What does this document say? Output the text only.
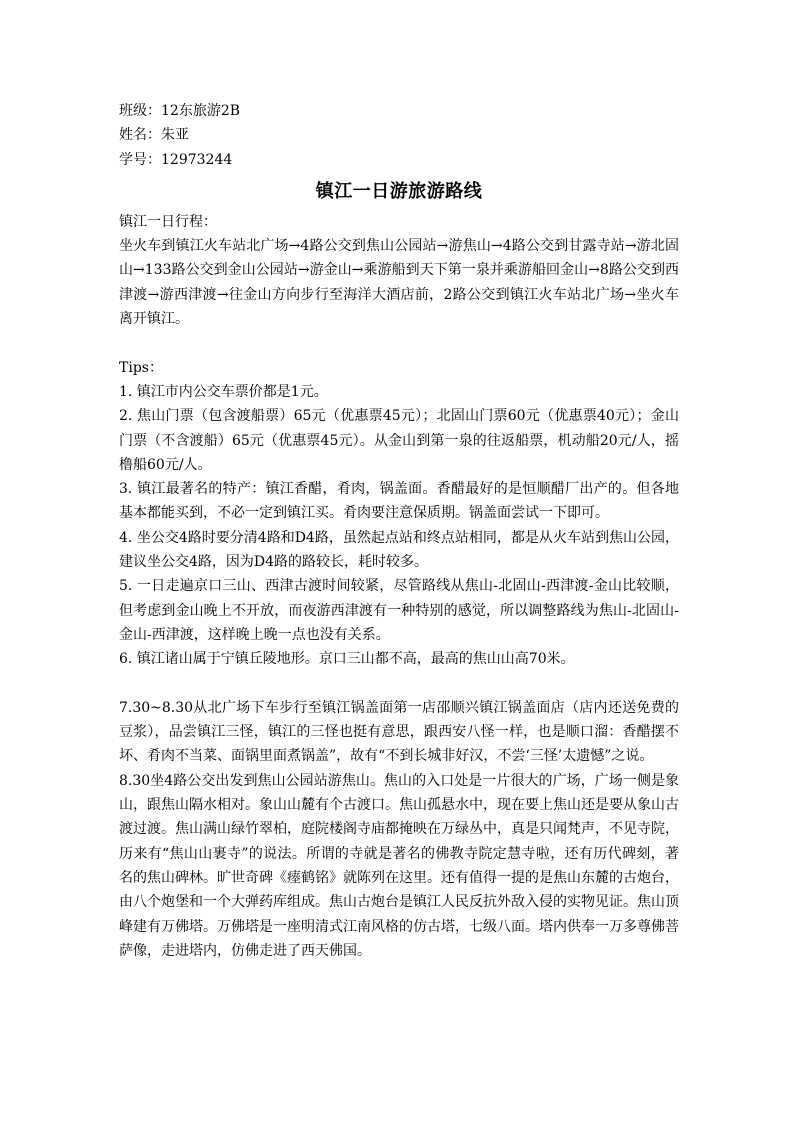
班级：12东旅游2B
姓名：朱亚
学号：12973244
镇江一日游旅游路线
镇江一日行程：
坐火车到镇江火车站北广场→4路公交到焦山公园站→游焦山→4路公交到甘露寺站→游北固山→133路公交到金山公园站→游金山→乘游船到天下第一泉并乘游船回金山→8路公交到西津渡→游西津渡→往金山方向步行至海洋大酒店前，2路公交到镇江火车站北广场→坐火车离开镇江。
Tips：
1. 镇江市内公交车票价都是1元。
2. 焦山门票（包含渡船票）65元（优惠票45元）；北固山门票60元（优惠票40元）；金山门票（不含渡船）65元（优惠票45元）。从金山到第一泉的往返船票，机动船20元/人，摇橹船60元/人。
3. 镇江最著名的特产：镇江香醋，肴肉，锅盖面。香醋最好的是恒顺醋厂出产的。但各地基本都能买到，不必一定到镇江买。肴肉要注意保质期。锅盖面尝试一下即可。
4. 坐公交4路时要分清4路和D4路，虽然起点站和终点站相同，都是从火车站到焦山公园，建议坐公交4路，因为D4路的路较长，耗时较多。
5. 一日走遍京口三山、西津古渡时间较紧，尽管路线从焦山-北固山-西津渡-金山比较顺，但考虑到金山晚上不开放，而夜游西津渡有一种特别的感觉，所以调整路线为焦山-北固山-金山-西津渡，这样晚上晚一点也没有关系。
6. 镇江诸山属于宁镇丘陵地形。京口三山都不高，最高的焦山山高70米。
7.30~8.30从北广场下车步行至镇江锅盖面第一店邵顺兴镇江锅盖面店（店内还送免费的豆浆），品尝镇江三怪，镇江的三怪也挺有意思，跟西安八怪一样，也是顺口溜：香醋摆不坏、肴肉不当菜、面锅里面煮锅盖”，故有“不到长城非好汉，不尝‘三怪’太遗憾”之说。
8.30坐4路公交出发到焦山公园站游焦山。焦山的入口处是一片很大的广场，广场一侧是象山，跟焦山隔水相对。象山山麓有个古渡口。焦山孤悬水中，现在要上焦山还是要从象山古渡过渡。焦山满山绿竹翠柏，庭院楼阁寺庙都掩映在万绿丛中，真是只闻梵声，不见寺院，历来有“焦山山裹寺”的说法。所谓的寺就是著名的佛教寺院定慧寺啦，还有历代碑刻，著名的焦山碑林。旷世奇碑《瘗鹤铭》就陈列在这里。还有值得一提的是焦山东麓的古炮台，由八个炮堡和一个大弹药库组成。焦山古炮台是镇江人民反抗外敌入侵的实物见证。焦山顶峰建有万佛塔。万佛塔是一座明清式江南风格的仿古塔，七级八面。塔内供奉一万多尊佛菩萨像，走进塔内，仿佛走进了西天佛国。
